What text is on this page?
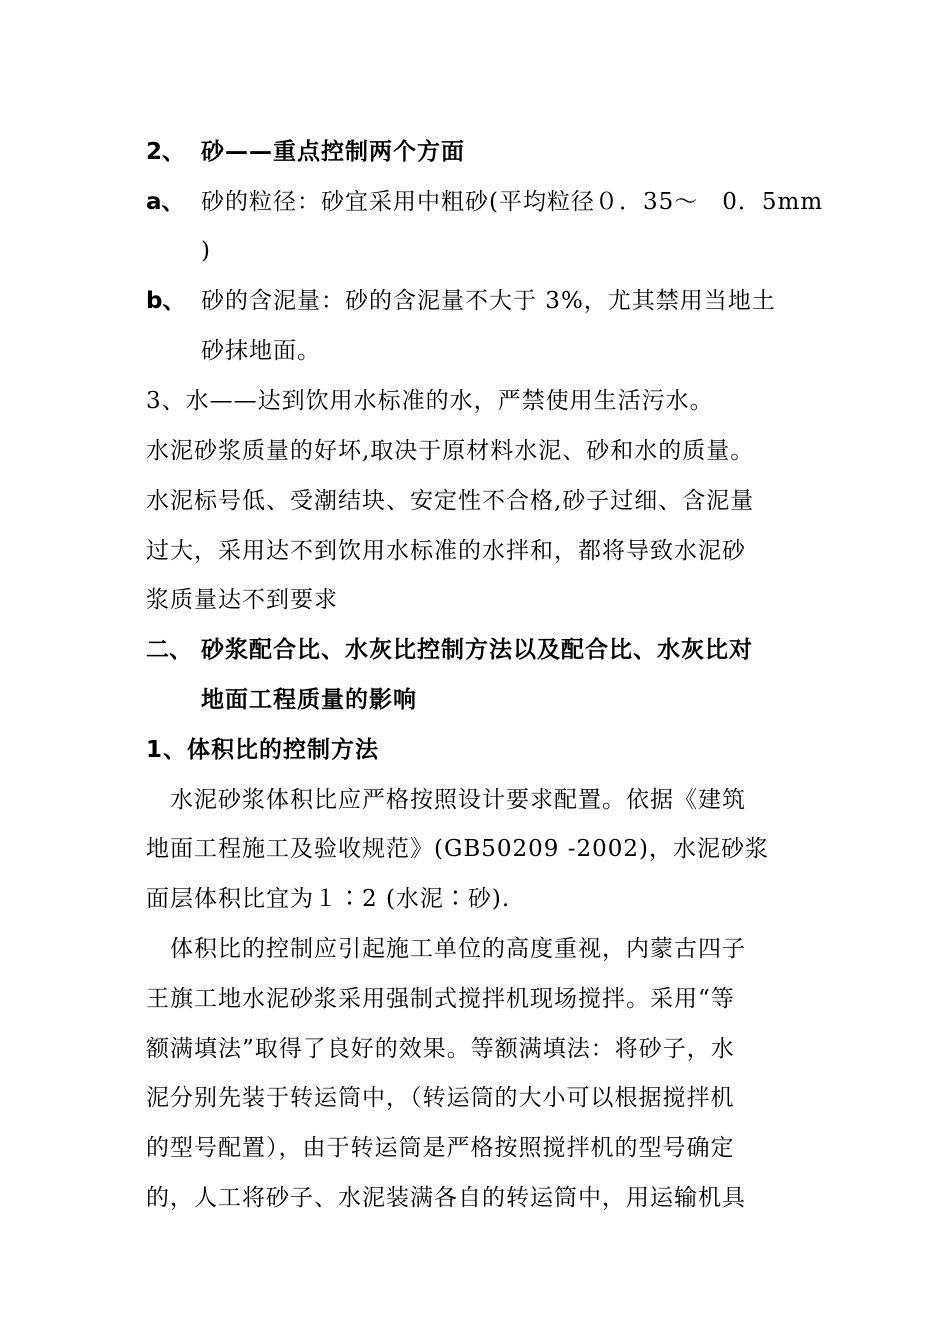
2、 砂——重点控制两个方面
a、 砂的粒径：砂宜采用中粗砂(平均粒径０．35～　0．5mm
)
b、 砂的含泥量：砂的含泥量不大于 3%，尤其禁用当地土
砂抹地面。
3、水——达到饮用水标准的水，严禁使用生活污水。
水泥砂浆质量的好坏,取决于原材料水泥、砂和水的质量。
水泥标号低、受潮结块、安定性不合格,砂子过细、含泥量
过大，采用达不到饮用水标准的水拌和，都将导致水泥砂
浆质量达不到要求
二、 砂浆配合比、水灰比控制方法以及配合比、水灰比对
地面工程质量的影响
1、体积比的控制方法
水泥砂浆体积比应严格按照设计要求配置。依据《建筑
地面工程施工及验收规范》(GB50209 -2002)，水泥砂浆
面层体积比宜为１∶2 (水泥∶砂).
体积比的控制应引起施工单位的高度重视，内蒙古四子
王旗工地水泥砂浆采用强制式搅拌机现场搅拌。采用“等
额满填法”取得了良好的效果。等额满填法：将砂子，水
泥分别先装于转运筒中，（转运筒的大小可以根据搅拌机
的型号配置），由于转运筒是严格按照搅拌机的型号确定
的，人工将砂子、水泥装满各自的转运筒中，用运输机具
